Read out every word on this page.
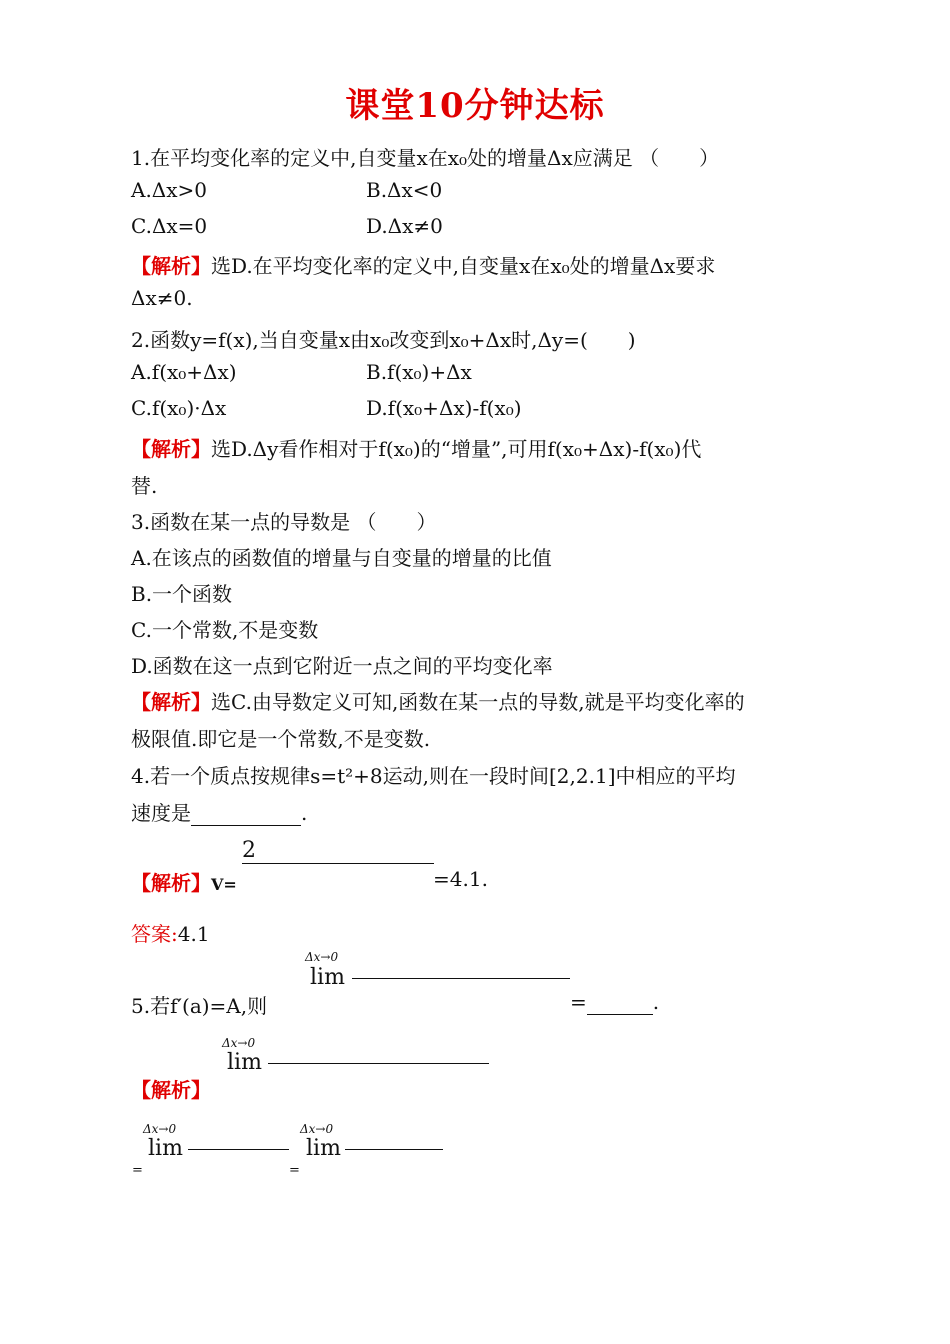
课堂10分钟达标
1.在平均变化率的定义中,自变量x在x₀处的增量Δx应满足 （　　）
A.Δx>0	B.Δx<0
C.Δx=0	D.Δx≠0
【解析】选D.在平均变化率的定义中,自变量x在x₀处的增量Δx要求
Δx≠0.
2.函数y=f(x),当自变量x由x₀改变到x₀+Δx时,Δy=(　　)
A.f(x₀+Δx)	B.f(x₀)+Δx
C.f(x₀)·Δx	D.f(x₀+Δx)-f(x₀)
【解析】选D.Δy看作相对于f(x₀)的“增量”,可用f(x₀+Δx)-f(x₀)代
替.
3.函数在某一点的导数是 （　　）
A.在该点的函数值的增量与自变量的增量的比值
B.一个函数
C.一个常数,不是变数
D.函数在这一点到它附近一点之间的平均变化率
【解析】选C.由导数定义可知,函数在某一点的导数,就是平均变化率的
极限值.即它是一个常数,不是变数.
4.若一个质点按规律s=t²+8运动,则在一段时间[2,2.1]中相应的平均
速度是	.
2
【解析】V=	=4.1.
答案:4.1
Δx→0
lim
5.若f′(a)=A,则	=	.
Δx→0
lim
【解析】
Δx→0
lim
=
Δx→0
lim
=
